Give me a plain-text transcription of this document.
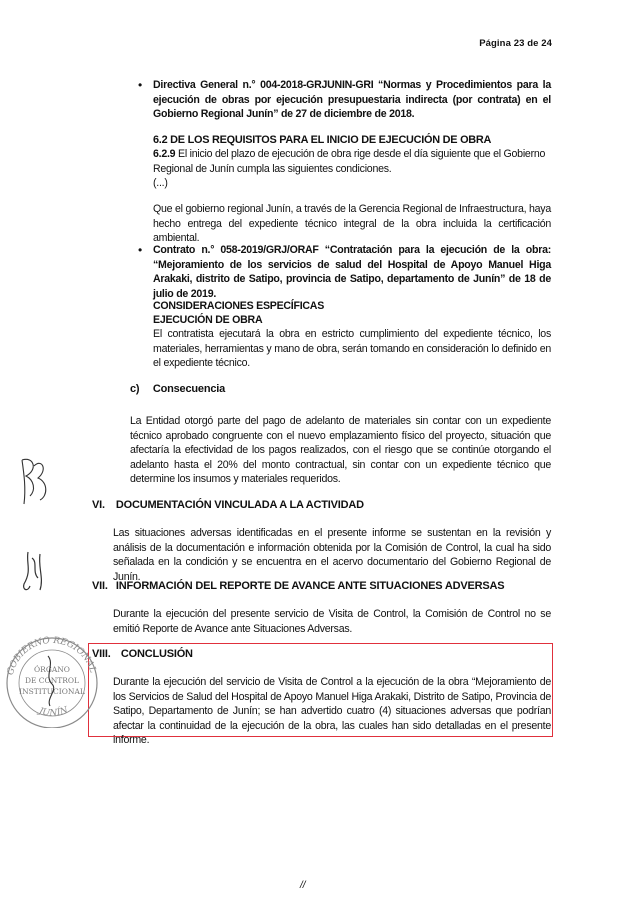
Página 23 de 24
• Directiva General n.° 004-2018-GRJUNIN-GRI “Normas y Procedimientos para la ejecución de obras por ejecución presupuestaria indirecta (por contrata) en el Gobierno Regional Junín” de 27 de diciembre de 2018.
6.2 DE LOS REQUISITOS PARA EL INICIO DE EJECUCIÓN DE OBRA
6.2.9 El inicio del plazo de ejecución de obra rige desde el día siguiente que el Gobierno Regional de Junín cumpla las siguientes condiciones.
(...)
Que el gobierno regional Junín, a través de la Gerencia Regional de Infraestructura, haya hecho entrega del expediente técnico integral de la obra incluida la certificación ambiental.
• Contrato n.° 058-2019/GRJ/ORAF “Contratación para la ejecución de la obra: “Mejoramiento de los servicios de salud del Hospital de Apoyo Manuel Higa Arakaki, distrito de Satipo, provincia de Satipo, departamento de Junín” de 18 de julio de 2019.
CONSIDERACIONES ESPECÍFICAS
EJECUCIÓN DE OBRA
El contratista ejecutará la obra en estricto cumplimiento del expediente técnico, los materiales, herramientas y mano de obra, serán tomando en consideración lo definido en el expediente técnico.
c) Consecuencia
La Entidad otorgó parte del pago de adelanto de materiales sin contar con un expediente técnico aprobado congruente con el nuevo emplazamiento físico del proyecto, situación que afectaría la efectividad de los pagos realizados, con el riesgo que se continúe otorgando el adelanto hasta el 20% del monto contractual, sin contar con un expediente técnico que determine los insumos y materiales requeridos.
VI. DOCUMENTACIÓN VINCULADA A LA ACTIVIDAD
Las situaciones adversas identificadas en el presente informe se sustentan en la revisión y análisis de la documentación e información obtenida por la Comisión de Control, la cual ha sido señalada en la condición y se encuentra en el acervo documentario del Gobierno Regional de Junín.
VII. INFORMACIÓN DEL REPORTE DE AVANCE ANTE SITUACIONES ADVERSAS
Durante la ejecución del presente servicio de Visita de Control, la Comisión de Control no se emitió Reporte de Avance ante Situaciones Adversas.
VIII. CONCLUSIÓN
Durante la ejecución del servicio de Visita de Control a la ejecución de la obra “Mejoramiento de los Servicios de Salud del Hospital de Apoyo Manuel Higa Arakaki, Distrito de Satipo, Provincia de Satipo, Departamento de Junín; se han advertido cuatro (4) situaciones adversas que podrían afectar la continuidad de la ejecución de la obra, las cuales han sido detalladas en el presente informe.
GOBIERNO REGIONAL
JUNÍN
ÓRGANO
DE CONTROL
INSTITUCIONAL
//
